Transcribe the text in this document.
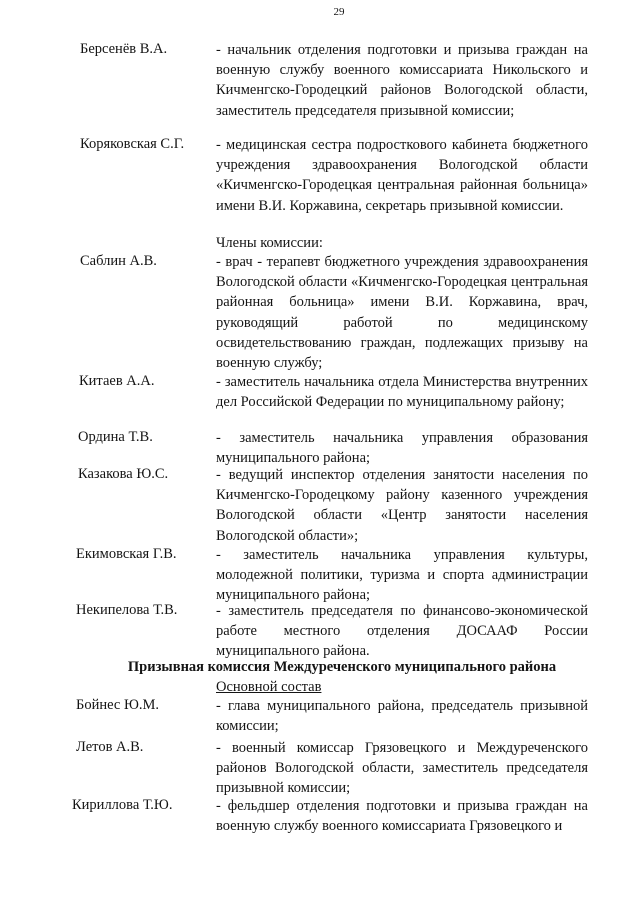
29
Берсенёв В.А.	- начальник отделения подготовки и призыва граждан на военную службу военного комиссариата Никольского и Кичменгско-Городецкий районов Вологодской области, заместитель председателя призывной комиссии;
Коряковская С.Г. - медицинская сестра подросткового кабинета бюджетного учреждения здравоохранения Вологодской области «Кичменгско-Городецкая центральная районная больница» имени В.И. Коржавина, секретарь призывной комиссии.
Члены комиссии:
Саблин А.В.	- врач - терапевт бюджетного учреждения здравоохранения Вологодской области «Кичменгско-Городецкая центральная районная больница» имени В.И. Коржавина, врач, руководящий работой по медицинскому освидетельствованию граждан, подлежащих призыву на военную службу;
Китаев А.А.	- заместитель начальника отдела Министерства внутренних дел Российской Федерации по муниципальному району;
Ордина Т.В.	- заместитель начальника управления образования муниципального района;
Казакова Ю.С.	- ведущий инспектор отделения занятости населения по Кичменгско-Городецкому району казенного учреждения Вологодской области «Центр занятости населения Вологодской области»;
Екимовская Г.В.	- заместитель начальника управления культуры, молодежной политики, туризма и спорта администрации муниципального района;
Некипелова Т.В.	- заместитель председателя по финансово-экономической работе местного отделения ДОСААФ России муниципального района.
Призывная комиссия Междуреченского муниципального района
Основной состав
Бойнес Ю.М.	- глава муниципального района, председатель призывной комиссии;
Летов А.В.	- военный комиссар Грязовецкого и Междуреченского районов Вологодской области, заместитель председателя призывной комиссии;
Кириллова Т.Ю.	- фельдшер отделения подготовки и призыва граждан на военную службу военного комиссариата Грязовецкого и
